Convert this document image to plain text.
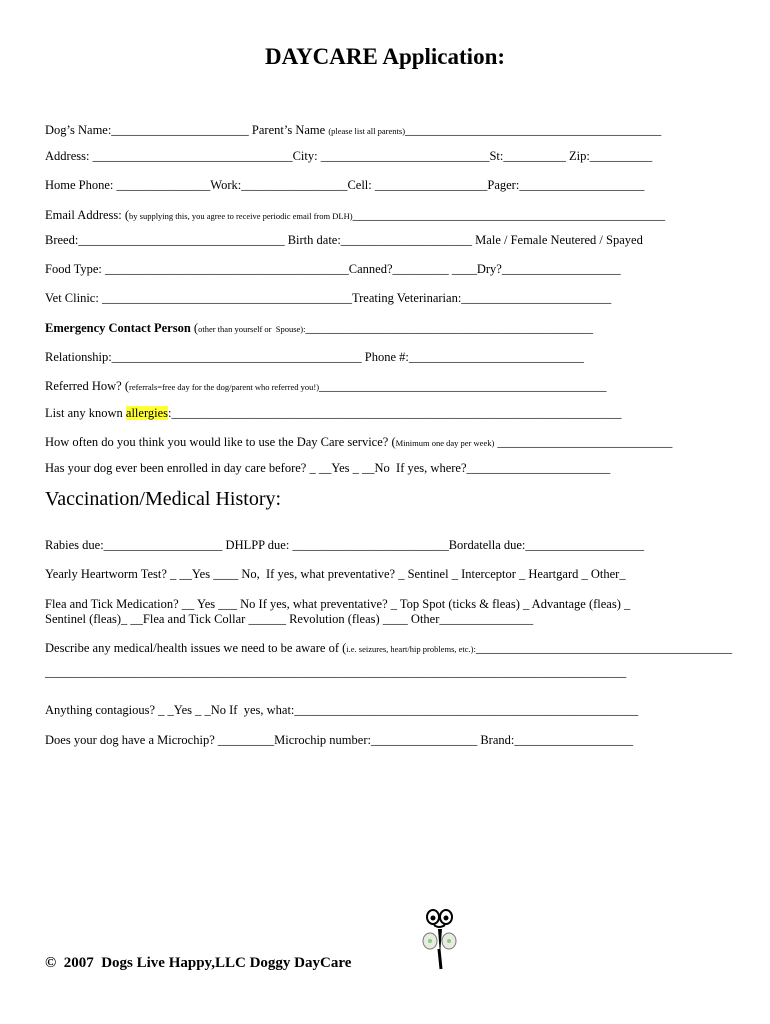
DAYCARE Application:
Dog’s Name:______________________ Parent’s Name (please list all parents)_________________________________________
Address: ________________________________City: ___________________________St:__________ Zip:__________
Home Phone: _______________Work:_________________Cell: __________________Pager:____________________
Email Address: (by supplying this, you agree to receive periodic email from DLH)__________________________________________________
Breed:_________________________________ Birth date:_____________________ Male / Female Neutered / Spayed
Food Type: _______________________________________Canned?_________ ____Dry?___________________
Vet Clinic: ________________________________________Treating Veterinarian:________________________
Emergency Contact Person (other than yourself or  Spouse):______________________________________________
Relationship:________________________________________ Phone #:____________________________
Referred How? (referrals=free day for the dog/parent who referred you!)______________________________________________
List any known allergies:________________________________________________________________________
How often do you think you would like to use the Day Care service? (Minimum one day per week) ____________________________
Has your dog ever been enrolled in day care before? _ __Yes _ __No  If yes, where?_______________________
Vaccination/Medical History:
Rabies due:___________________ DHLPP due: _________________________Bordatella due:___________________
Yearly Heartworm Test? _ __Yes ____ No,  If yes, what preventative? _ Sentinel _ Interceptor _ Heartgard _ Other_
Flea and Tick Medication? __ Yes ___ No If yes, what preventative? _ Top Spot (ticks & fleas) _ Advantage (fleas) _
Sentinel (fleas)_ __Flea and Tick Collar ______ Revolution (fleas) ____ Other_______________
Describe any medical/health issues we need to be aware of (i.e. seizures, heart/hip problems, etc.):_________________________________________
_____________________________________________________________________________________________
Anything contagious? _ _Yes _ _No If  yes, what:_______________________________________________________
Does your dog have a Microchip? _________Microchip number:_________________ Brand:___________________
©  2007  Dogs Live Happy,LLC Doggy DayCare
